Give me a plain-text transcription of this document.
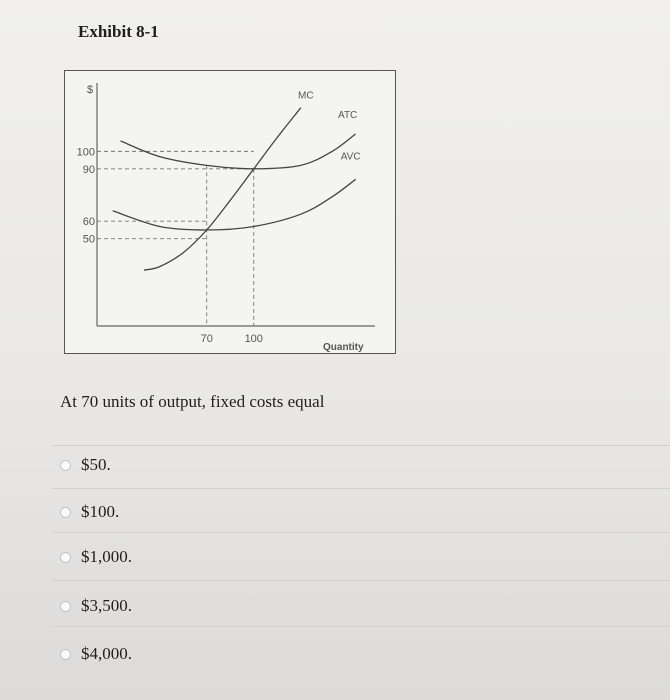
Exhibit 8-1
$
Quantity
100
90
60
50
70	100
MC
ATC
AVC
At 70 units of output, fixed costs equal
$50.
$100.
$1,000.
$3,500.
$4,000.
